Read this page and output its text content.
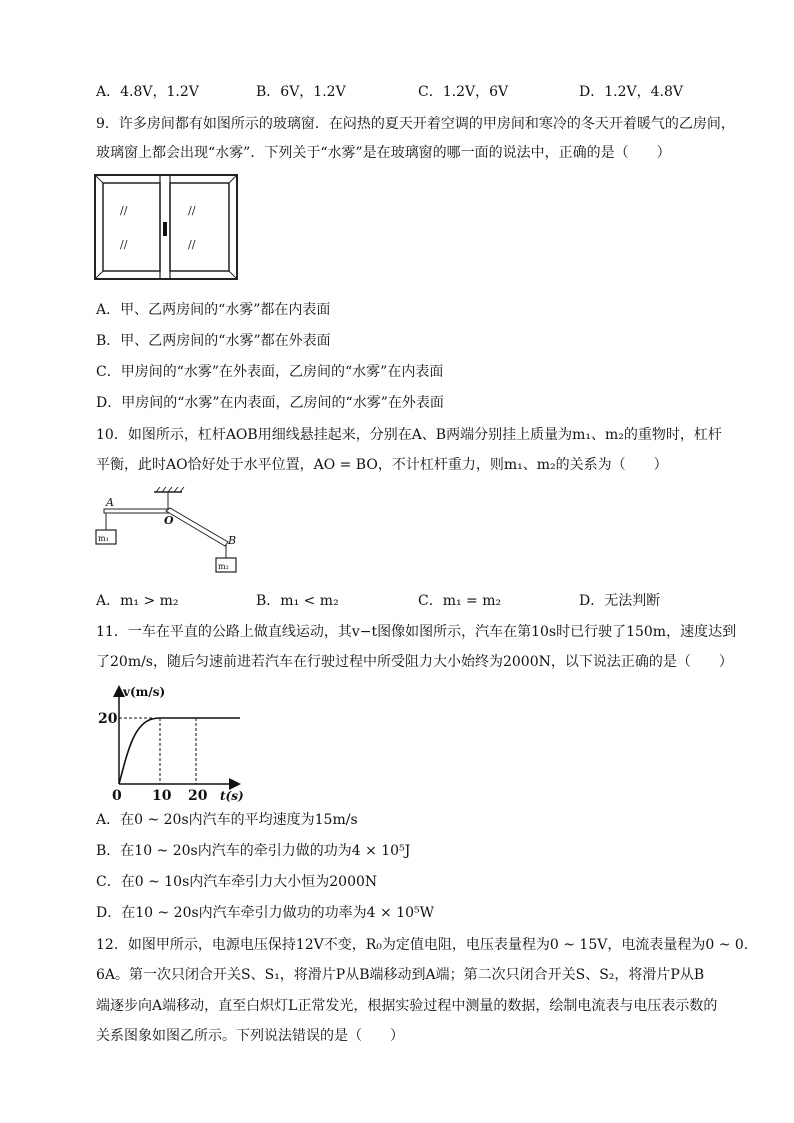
A．4.8V，1.2V	B．6V，1.2V	C．1.2V，6V	D．1.2V，4.8V
9．许多房间都有如图所示的玻璃窗．在闷热的夏天开着空调的甲房间和寒冷的冬天开着暖气的乙房间，
玻璃窗上都会出现“水雾”．下列关于“水雾”是在玻璃窗的哪一面的说法中，正确的是（　　）
//
//
//
//
A．甲、乙两房间的“水雾”都在内表面
B．甲、乙两房间的“水雾”都在外表面
C．甲房间的“水雾”在外表面，乙房间的“水雾”在内表面
D．甲房间的“水雾”在内表面，乙房间的“水雾”在外表面
10．如图所示，杠杆AOB用细线悬挂起来，分别在A、B两端分别挂上质量为m₁、m₂的重物时，杠杆
平衡，此时AO恰好处于水平位置，AO = BO，不计杠杆重力，则m₁、m₂的关系为（　　）
A
O
B
m₁
m₂
A．m₁ > m₂	B．m₁ < m₂	C．m₁ = m₂	D．无法判断
11．一车在平直的公路上做直线运动，其v−t图像如图所示，汽车在第10s时已行驶了150m，速度达到
了20m/s，随后匀速前进若汽车在行驶过程中所受阻力大小始终为2000N，以下说法正确的是（　　）
v(m/s)
t(s)
20
0 10 20
A．在0 ~ 20s内汽车的平均速度为15m/s
B．在10 ~ 20s内汽车的牵引力做的功为4 × 10⁵J
C．在0 ~ 10s内汽车牵引力大小恒为2000N
D．在10 ~ 20s内汽车牵引力做功的功率为4 × 10⁵W
12．如图甲所示，电源电压保持12V不变，R₀为定值电阻，电压表量程为0 ~ 15V，电流表量程为0 ~ 0.
6A。第一次只闭合开关S、S₁，将滑片P从B端移动到A端；第二次只闭合开关S、S₂，将滑片P从B
端逐步向A端移动，直至白炽灯L正常发光，根据实验过程中测量的数据，绘制电流表与电压表示数的
关系图象如图乙所示。下列说法错误的是（　　）
